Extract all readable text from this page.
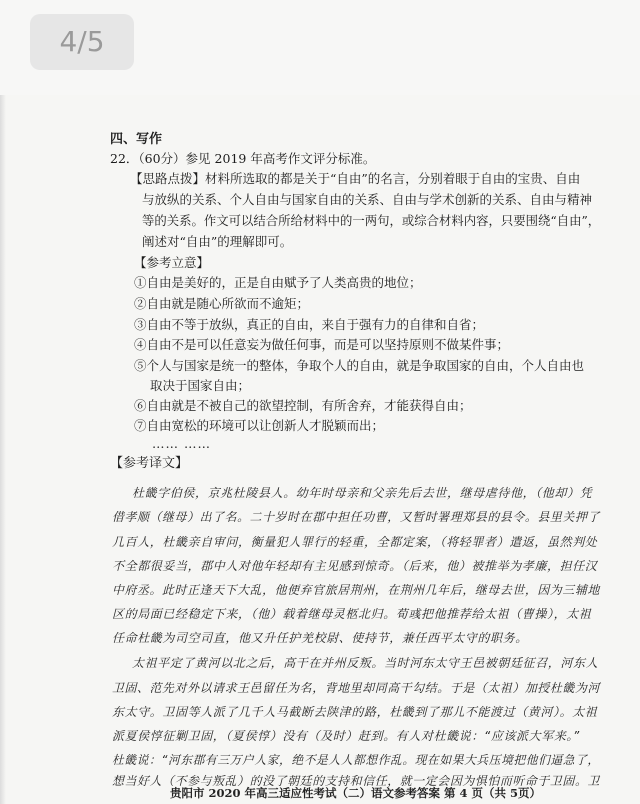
4/5
四、写作
22．（60分）参见 2019 年高考作文评分标准。
【思路点拨】材料所选取的都是关于“自由”的名言，分别着眼于自由的宝贵、自由
与放纵的关系、个人自由与国家自由的关系、自由与学术创新的关系、自由与精神
等的关系。作文可以结合所给材料中的一两句，或综合材料内容，只要围绕“自由”，
阐述对“自由”的理解即可。
【参考立意】
①自由是美好的，正是自由赋予了人类高贵的地位；
②自由就是随心所欲而不逾矩；
③自由不等于放纵，真正的自由，来自于强有力的自律和自省；
④自由不是可以任意妄为做任何事，而是可以坚持原则不做某件事；
⑤个人与国家是统一的整体，争取个人的自由，就是争取国家的自由，个人自由也
取决于国家自由；
⑥自由就是不被自己的欲望控制，有所舍弃，才能获得自由；
⑦自由宽松的环境可以让创新人才脱颖而出；
…… ……
【参考译文】
杜畿字伯侯，京兆杜陵县人。幼年时母亲和父亲先后去世，继母虐待他，（他却）凭
借孝顺（继母）出了名。二十岁时在郡中担任功曹，又暂时署理郑县的县令。县里关押了
几百人，杜畿亲自审问，衡量犯人罪行的轻重，全都定案，（将轻罪者）遣返，虽然判处
不全都很妥当，郡中人对他年轻却有主见感到惊奇。（后来，他）被推举为孝廉，担任汉
中府丞。此时正逢天下大乱，他便弃官旅居荆州，在荆州几年后，继母去世，因为三辅地
区的局面已经稳定下来，（他）载着继母灵柩北归。荀彧把他推荐给太祖（曹操），太祖
任命杜畿为司空司直，他又升任护羌校尉、使持节，兼任西平太守的职务。
太祖平定了黄河以北之后，高干在并州反叛。当时河东太守王邑被朝廷征召，河东人
卫固、范先对外以请求王邑留任为名，背地里却同高干勾结。于是（太祖）加授杜畿为河
东太守。卫固等人派了几千人马截断去陕津的路，杜畿到了那儿不能渡过（黄河）。太祖
派夏侯惇征剿卫固，（夏侯惇）没有（及时）赶到。有人对杜畿说：“应该派大军来。”
杜畿说：“河东郡有三万户人家，绝不是人人都想作乱。现在如果大兵压境把他们逼急了，
想当好人（不参与叛乱）的没了朝廷的支持和信任，就一定会因为惧怕而听命于卫固。卫
贵阳市 2020 年高三适应性考试（二）语文参考答案 第 4 页（共 5页）
